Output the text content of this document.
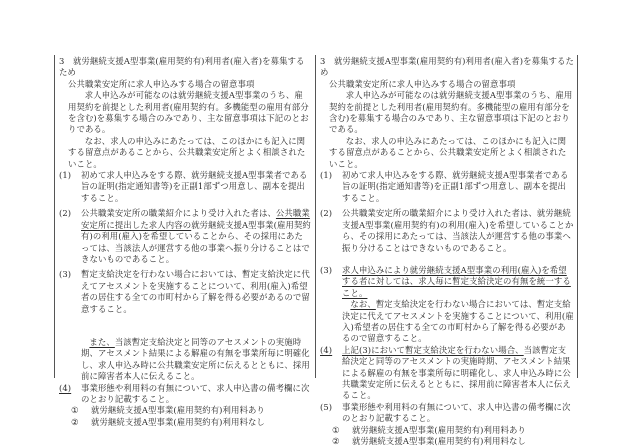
3 就労継続支援A型事業(雇用契約有)利用者(雇入者)を募集するため

公共職業安定所に求人申込みする場合の留意事項

求人申込みが可能なのは就労継続支援A型事業のうち、雇用契約を前提とした利用者(雇用契約有。多機能型の雇用有部分を含む)を募集する場合のみであり、主な留意事項は下記のとおりである。

なお、求人の申込みにあたっては、このほかにも記入に関する留意点があることから、公共職業安定所とよく相談されたいこと。

(1) 初めて求人申込みをする際、就労継続支援A型事業者である旨の証明(指定通知書等)を正副1部ずつ用意し、副本を提出すること。
(2) 公共職業安定所の職業紹介により受け入れた者は、公共職業安定所に提出した求人内容の就労継続支援A型事業(雇用契約有)の利用(雇入)を希望していることから、その採用にあたっては、当該法人が運営する他の事業へ振り分けることはできないものであること。
(3) 暫定支給決定を行わない場合においては、暫定支給決定に代えてアセスメントを実施することについて、利用(雇入)希望者の居住する全ての市町村から了解を得る必要があるので留意すること。
また、当該暫定支給決定と同等のアセスメントの実施時期、アセスメント結果による解雇の有無を事業所毎に明確化し、求人申込み時に公共職業安定所に伝えるとともに、採用前に障害者本人に伝えること。
(4) 事業形態や利用料の有無について、求人申込書の備考欄に次のとおり記載すること。
① 就労継続支援A型事業(雇用契約有)利用料あり
② 就労継続支援A型事業(雇用契約有)利用料なし

3 就労継続支援A型事業(雇用契約有)利用者(雇入者)を募集するため

公共職業安定所に求人申込みする場合の留意事項

求人申込みが可能なのは就労継続支援A型事業のうち、雇用契約を前提とした利用者(雇用契約有。多機能型の雇用有部分を含む)を募集する場合のみであり、主な留意事項は下記のとおりである。

なお、求人の申込みにあたっては、このほかにも記入に関する留意点があることから、公共職業安定所とよく相談されたいこと。

(1) 初めて求人申込みをする際、就労継続支援A型事業者である旨の証明(指定通知書等)を正副1部ずつ用意し、副本を提出すること。
(2) 公共職業安定所の職業紹介により受け入れた者は、就労継続支援A型事業(雇用契約有)の利用(雇入)を希望していることから、その採用にあたっては、当該法人が運営する他の事業へ振り分けることはできないものであること。
(3) 求人申込みにより就労継続支援A型事業の利用(雇入)を希望する者に対しては、求人毎に暫定支給決定の有無を統一すること。
なお、暫定支給決定を行わない場合においては、暫定支給決定に代えてアセスメントを実施することについて、利用(雇入)希望者の居住する全ての市町村から了解を得る必要があるので留意すること。
(4) 上記(3)において暫定支給決定を行わない場合、当該暫定支給決定と同等のアセスメントの実施時期、アセスメント結果による解雇の有無を事業所毎に明確化し、求人申込み時に公共職業安定所に伝えるとともに、採用前に障害者本人に伝えること。
(5) 事業形態や利用料の有無について、求人申込書の備考欄に次のとおり記載すること。
① 就労継続支援A型事業(雇用契約有)利用料あり
② 就労継続支援A型事業(雇用契約有)利用料なし
